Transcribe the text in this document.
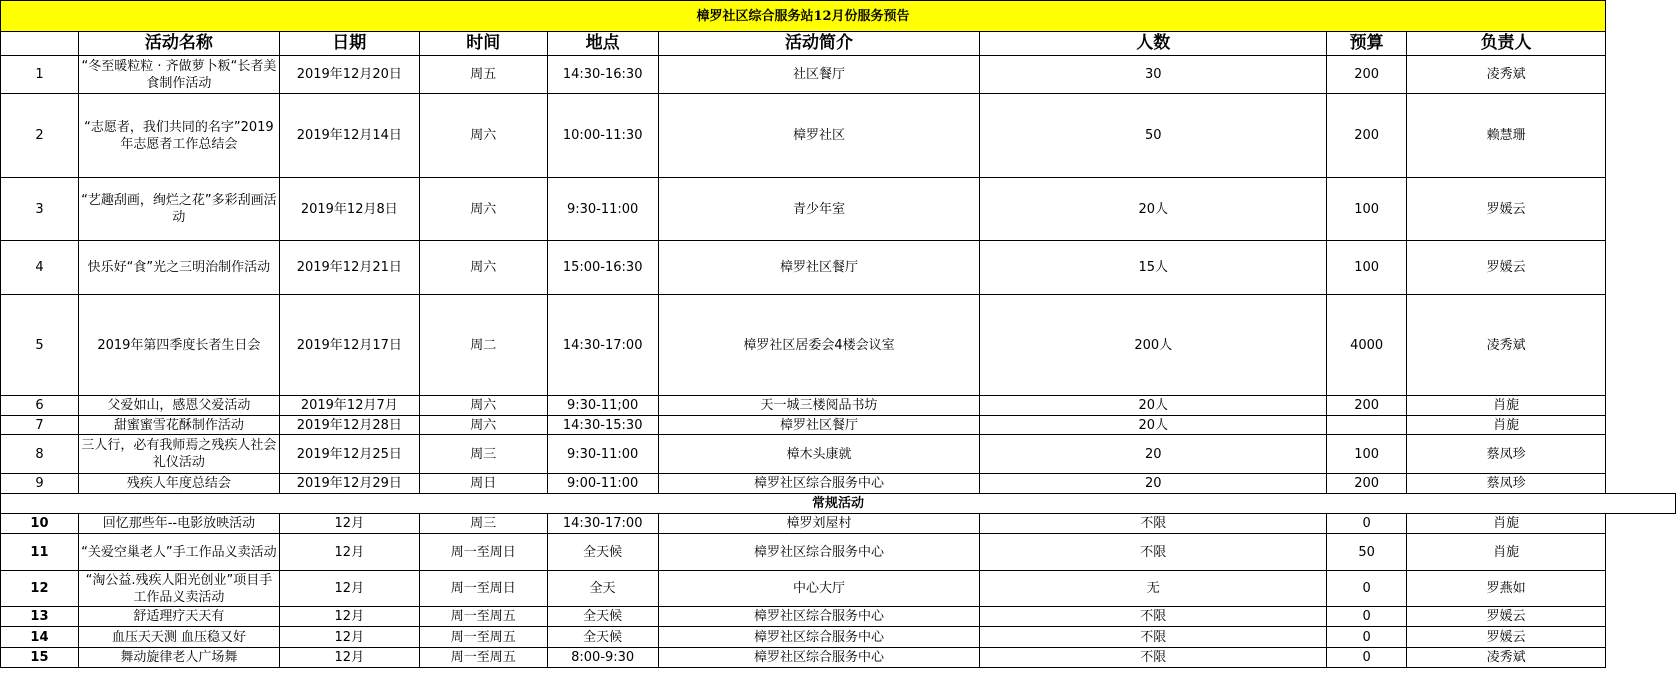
樟罗社区综合服务站12月份服务预告									
	活动名称	日期	时间	地点	活动简介	人数	预算	负责人	
1	“冬至暖粒粒 · 齐做萝卜粄“长者美食制作活动	2019年12月20日	周五	14:30-16:30	社区餐厅	30	200	凌秀斌	
2	“志愿者，我们共同的名字”2019年志愿者工作总结会	2019年12月14日	周六	10:00-11:30	樟罗社区	50	200	赖慧珊	
3	“艺趣刮画，绚烂之花”多彩刮画活动	2019年12月8日	周六	9:30-11:00	青少年室	20人	100	罗媛云	
4	快乐好“食”光之三明治制作活动	2019年12月21日	周六	15:00-16:30	樟罗社区餐厅	15人	100	罗媛云	
5	2019年第四季度长者生日会	2019年12月17日	周二	14:30-17:00	樟罗社区居委会4楼会议室	200人	4000	凌秀斌	
6	父爱如山，感恩父爱活动	2019年12月7月	周六	9:30-11;00	天一城三楼阅品书坊	20人	200	肖旎	
7	甜蜜蜜雪花酥制作活动	2019年12月28日	周六	14:30-15:30	樟罗社区餐厅	20人		肖旎	
8	三人行，必有我师焉之残疾人社会礼仪活动	2019年12月25日	周三	9:30-11:00	樟木头康就	20	100	蔡凤珍	
9	残疾人年度总结会	2019年12月29日	周日	9:00-11:00	樟罗社区综合服务中心	20	200	蔡凤珍	
常规活动									
10	回忆那些年--电影放映活动	12月	周三	14:30-17:00	樟罗刘屋村	不限	0	肖旎	
11	“关爱空巢老人”手工作品义卖活动	12月	周一至周日	全天候	樟罗社区综合服务中心	不限	50	肖旎	
12	“淘公益.残疾人阳光创业”项目手工作品义卖活动	12月	周一至周日	全天	中心大厅	无	0	罗燕如	
13	舒适理疗天天有	12月	周一至周五	全天候	樟罗社区综合服务中心	不限	0	罗媛云	
14	血压天天测 血压稳又好	12月	周一至周五	全天候	樟罗社区综合服务中心	不限	0	罗媛云	
15	舞动旋律老人广场舞	12月	周一至周五	8:00-9:30	樟罗社区综合服务中心	不限	0	凌秀斌	
